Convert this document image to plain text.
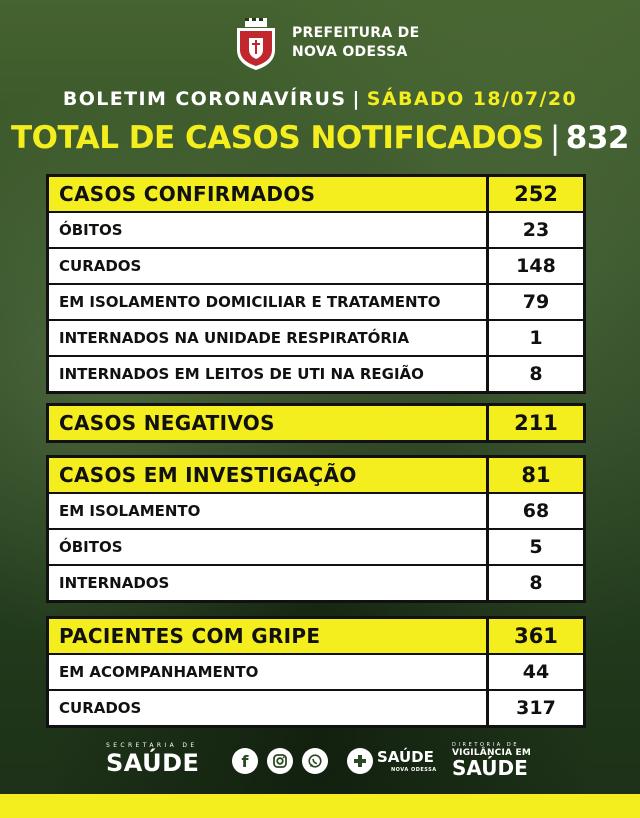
PREFEITURA DE
NOVA ODESSA
BOLETIM CORONAVÍRUS | SÁBADO 18/07/20
TOTAL DE CASOS NOTIFICADOS | 832
CASOS CONFIRMADOS	252
ÓBITOS	23
CURADOS	148
EM ISOLAMENTO DOMICILIAR E TRATAMENTO	79
INTERNADOS NA UNIDADE RESPIRATÓRIA	1
INTERNADOS EM LEITOS DE UTI NA REGIÃO	8
CASOS NEGATIVOS	211
CASOS EM INVESTIGAÇÃO	81
EM ISOLAMENTO	68
ÓBITOS	5
INTERNADOS	8
PACIENTES COM GRIPE	361
EM ACOMPANHAMENTO	44
CURADOS	317
SECRETARIA DE
SAÚDE	f	SAÚDE
NOVA ODESSA
DIRETORIA DE
VIGILÂNCIA EM
SAÚDE
